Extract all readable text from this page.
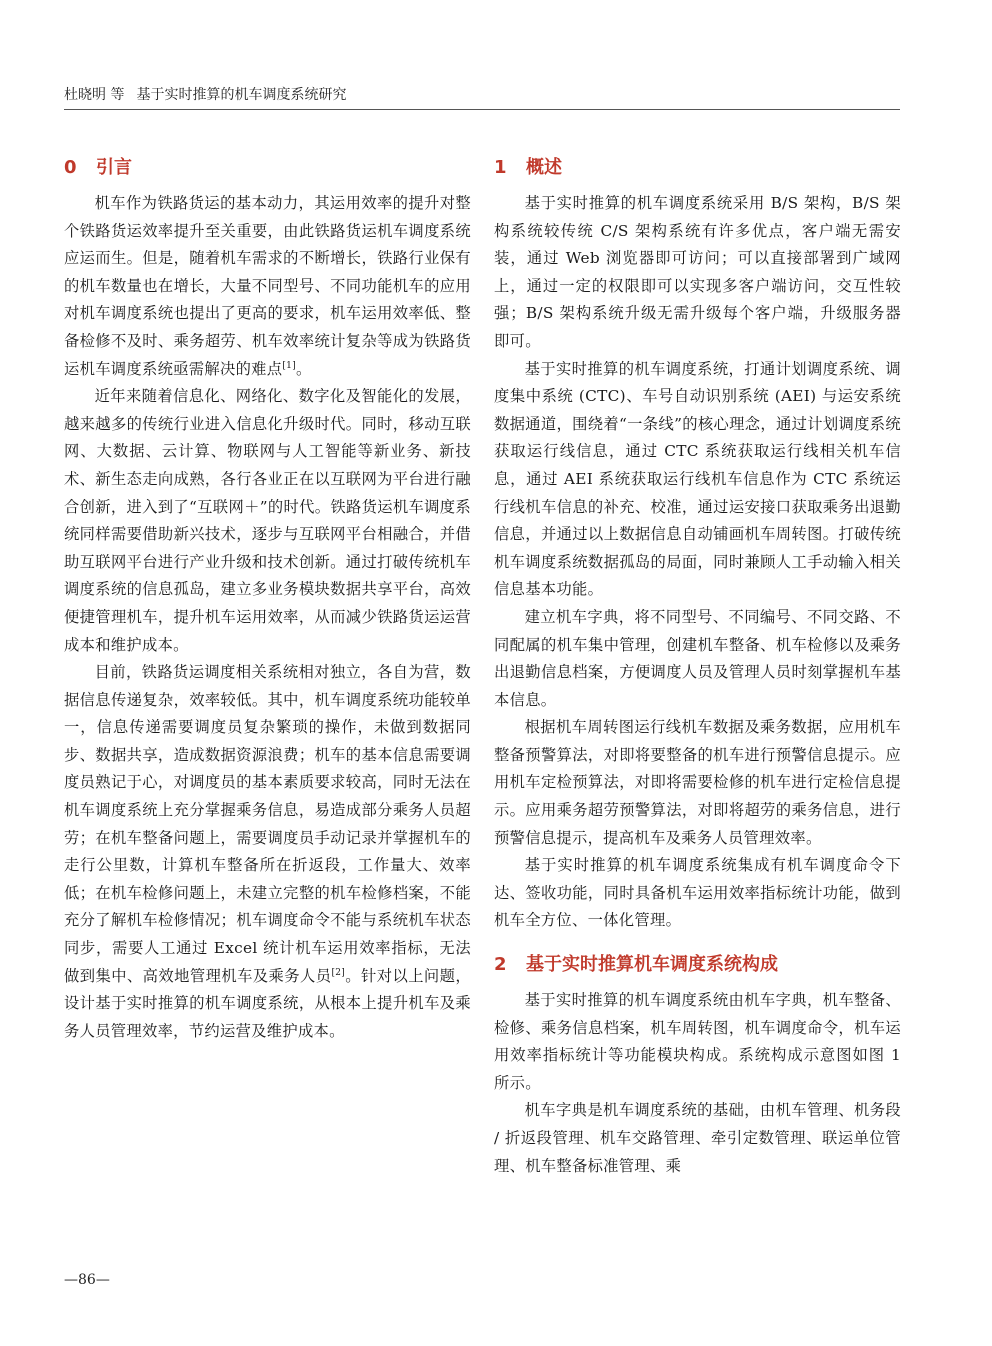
杜晓明 等 基于实时推算的机车调度系统研究
0 引言

机车作为铁路货运的基本动力，其运用效率的提升对整个铁路货运效率提升至关重要，由此铁路货运机车调度系统应运而生。但是，随着机车需求的不断增长，铁路行业保有的机车数量也在增长，大量不同型号、不同功能机车的应用对机车调度系统也提出了更高的要求，机车运用效率低、整备检修不及时、乘务超劳、机车效率统计复杂等成为铁路货运机车调度系统亟需解决的难点[1]。

近年来随着信息化、网络化、数字化及智能化的发展，越来越多的传统行业进入信息化升级时代。同时，移动互联网、大数据、云计算、物联网与人工智能等新业务、新技术、新生态走向成熟，各行各业正在以互联网为平台进行融合创新，进入到了“互联网＋”的时代。铁路货运机车调度系统同样需要借助新兴技术，逐步与互联网平台相融合，并借助互联网平台进行产业升级和技术创新。通过打破传统机车调度系统的信息孤岛，建立多业务模块数据共享平台，高效便捷管理机车，提升机车运用效率，从而减少铁路货运运营成本和维护成本。

目前，铁路货运调度相关系统相对独立，各自为营，数据信息传递复杂，效率较低。其中，机车调度系统功能较单一，信息传递需要调度员复杂繁琐的操作，未做到数据同步、数据共享，造成数据资源浪费；机车的基本信息需要调度员熟记于心，对调度员的基本素质要求较高，同时无法在机车调度系统上充分掌握乘务信息，易造成部分乘务人员超劳；在机车整备问题上，需要调度员手动记录并掌握机车的走行公里数，计算机车整备所在折返段，工作量大、效率低；在机车检修问题上，未建立完整的机车检修档案，不能充分了解机车检修情况；机车调度命令不能与系统机车状态同步，需要人工通过 Excel 统计机车运用效率指标，无法做到集中、高效地管理机车及乘务人员[2]。针对以上问题，设计基于实时推算的机车调度系统，从根本上提升机车及乘务人员管理效率，节约运营及维护成本。

1 概述

基于实时推算的机车调度系统采用 B/S 架构，B/S 架构系统较传统 C/S 架构系统有许多优点，客户端无需安装，通过 Web 浏览器即可访问；可以直接部署到广域网上，通过一定的权限即可以实现多客户端访问，交互性较强；B/S 架构系统升级无需升级每个客户端，升级服务器即可。

基于实时推算的机车调度系统，打通计划调度系统、调度集中系统 (CTC)、车号自动识别系统 (AEI) 与运安系统数据通道，围绕着“一条线”的核心理念，通过计划调度系统获取运行线信息，通过 CTC 系统获取运行线相关机车信息，通过 AEI 系统获取运行线机车信息作为 CTC 系统运行线机车信息的补充、校准，通过运安接口获取乘务出退勤信息，并通过以上数据信息自动铺画机车周转图。打破传统机车调度系统数据孤岛的局面，同时兼顾人工手动输入相关信息基本功能。

建立机车字典，将不同型号、不同编号、不同交路、不同配属的机车集中管理，创建机车整备、机车检修以及乘务出退勤信息档案，方便调度人员及管理人员时刻掌握机车基本信息。

根据机车周转图运行线机车数据及乘务数据，应用机车整备预警算法，对即将要整备的机车进行预警信息提示。应用机车定检预算法，对即将需要检修的机车进行定检信息提示。应用乘务超劳预警算法，对即将超劳的乘务信息，进行预警信息提示，提高机车及乘务人员管理效率。

基于实时推算的机车调度系统集成有机车调度命令下达、签收功能，同时具备机车运用效率指标统计功能，做到机车全方位、一体化管理。

2 基于实时推算机车调度系统构成

基于实时推算的机车调度系统由机车字典，机车整备、检修、乘务信息档案，机车周转图，机车调度命令，机车运用效率指标统计等功能模块构成。系统构成示意图如图 1 所示。

机车字典是机车调度系统的基础，由机车管理、机务段 / 折返段管理、机车交路管理、牵引定数管理、联运单位管理、机车整备标准管理、乘

—86—
